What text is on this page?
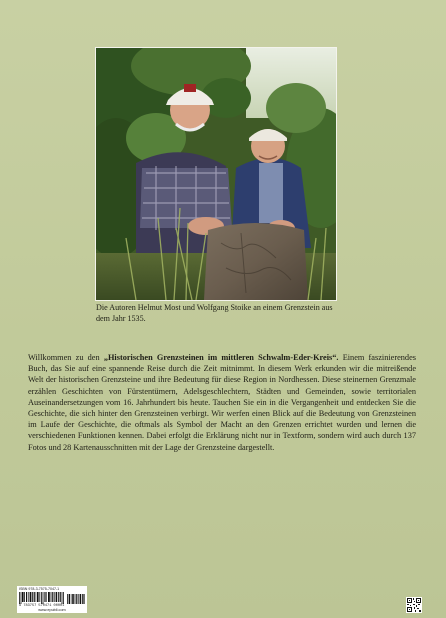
Die Autoren Helmut Most und Wolfgang Stoike an einem Grenzstein aus dem Jahr 1535.

Willkommen zu den „Historischen Grenzsteinen im mittleren Schwalm-Eder-Kreis“. Einem faszinierendes Buch, das Sie auf eine spannende Reise durch die Zeit mitnimmt. In diesem Werk erkunden wir die mitreißende Welt der historischen Grenzsteine und ihre Bedeutung für diese Region in Nordhessen. Diese steinernen Grenzmale erzählen Geschichten von Fürstentümern, Adelsgeschlechtern, Städten und Gemeinden, sowie territorialen Auseinandersetzungen vom 16. Jahrhundert bis heute. Tauchen Sie ein in die Vergangenheit und entdecken Sie die Geschichte, die sich hinter den Grenzsteinen verbirgt. Wir werfen einen Blick auf die Bedeutung von Grenzsteinen im Laufe der Geschichte, die oftmals als Symbol der Macht an den Grenzen errichtet wurden und lernen die verschiedenen Funktionen kennen. Dabei erfolgt die Erklärung nicht nur in Textform, sondern wird auch durch 137 Fotos und 28 Kartenausschnitten mit der Lage der Grenzsteine dargestellt.

ISBN 978-3-7575-7047-1
9 783757 570471 00001
www.epubli.com
